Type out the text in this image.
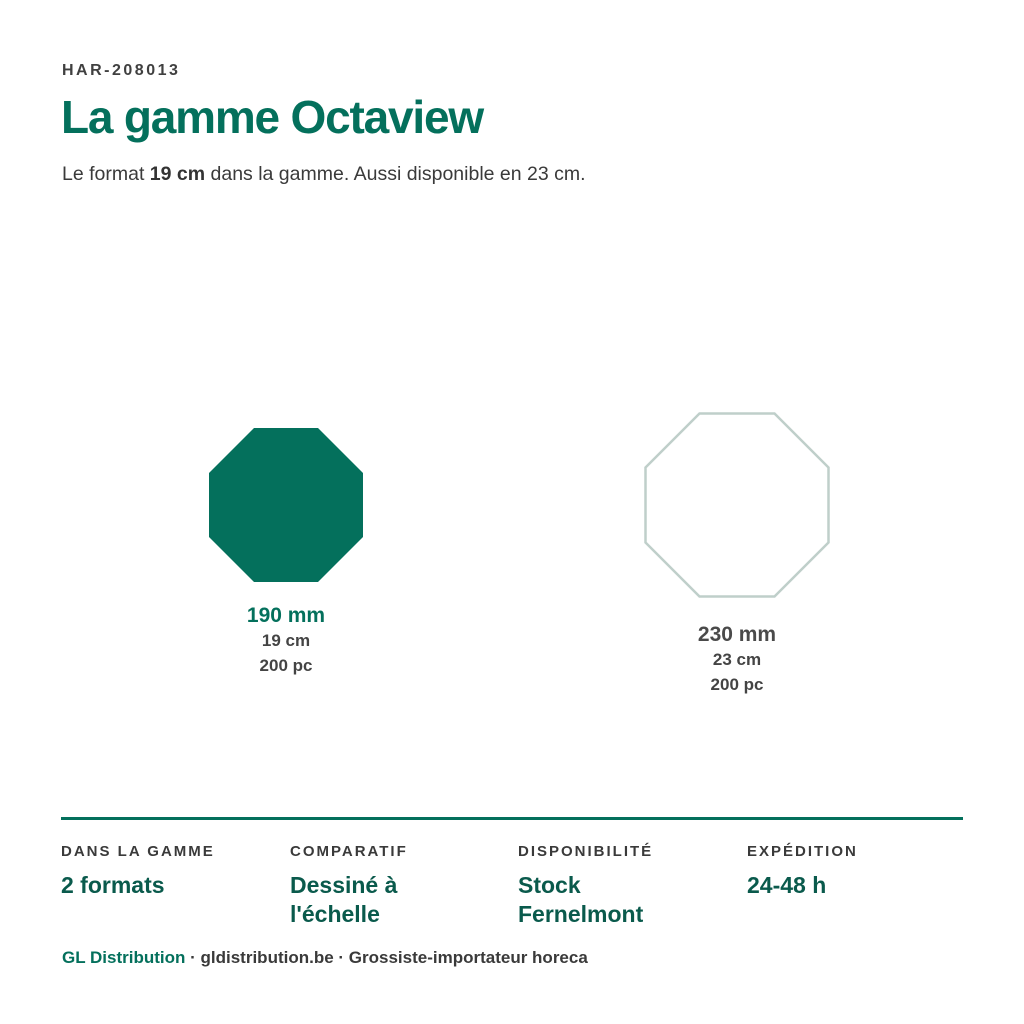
HAR-208013
La gamme Octaview

Le format 19 cm dans la gamme. Aussi disponible en 23 cm.

190 mm
19 cm
200 pc
230 mm
23 cm
200 pc
DANS LA GAMME
2 formats
COMPARATIF
Dessiné à l'échelle
DISPONIBILITÉ
Stock Fernelmont
EXPÉDITION
24-48 h
GL Distribution · gldistribution.be · Grossiste-importateur horeca
